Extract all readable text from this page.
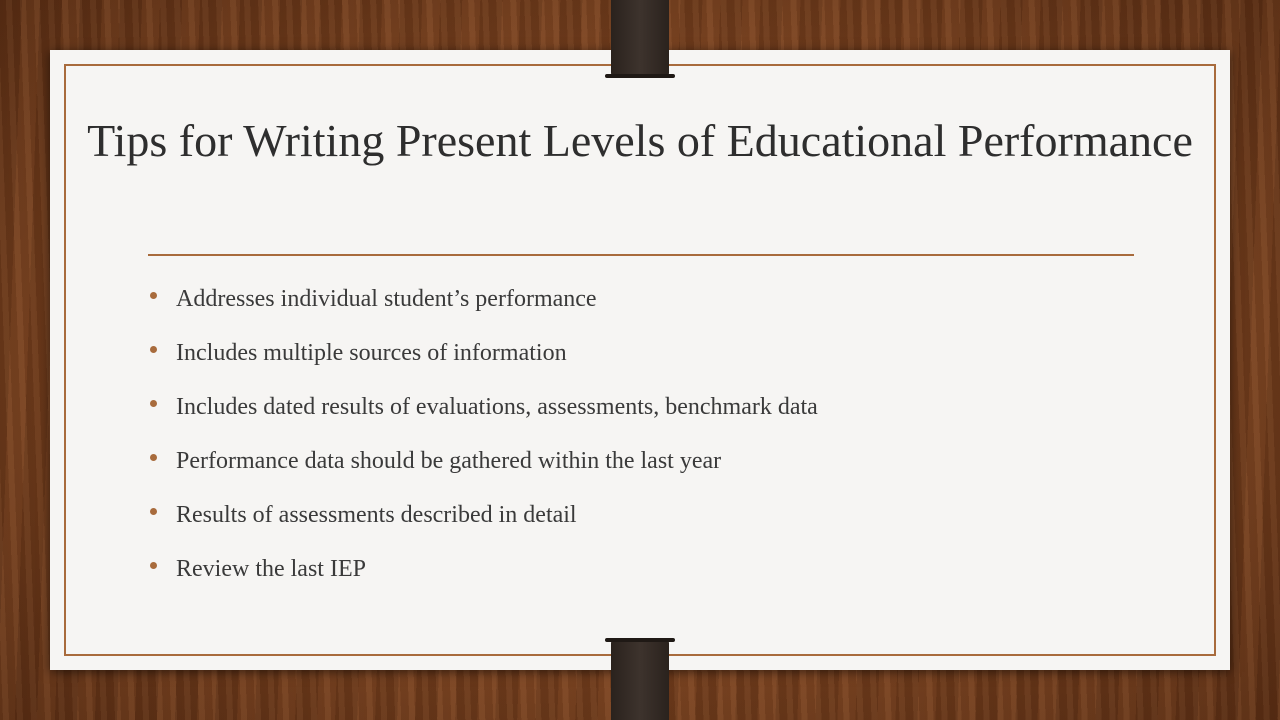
Tips for Writing Present Levels of Educational Performance
Addresses individual student’s performance
Includes multiple sources of information
Includes dated results of evaluations, assessments, benchmark data
Performance data should be gathered within the last year
Results of assessments described in detail
Review the last IEP
